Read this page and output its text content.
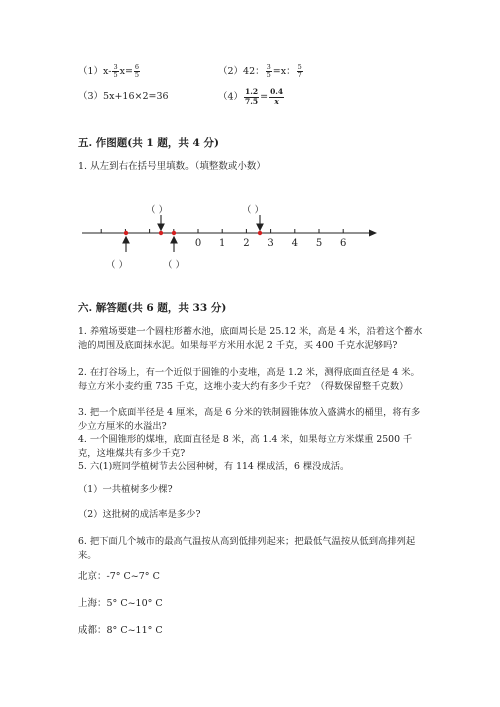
$(1)x- \frac{3}{5} x= \frac{6}{5}$	（2）42： $\frac{3}{5} =x$： $\frac{5}{7}$
（3）5x+16×2=36	$(4) \frac{1.2}{7.5} = \frac{0.4}{x}$
五. 作图题(共 1 题，共 4 分)
1. 从左到右在括号里填数。（填整数或小数）
（ ）	（ ）
（ ）	（ ）
0 1 2 3 4 5 6
六. 解答题(共 6 题，共 33 分)
1. 养殖场要建一个圆柱形蓄水池，底面周长是 25.12 米，高是 4 米，沿着这个蓄水池的周围及底面抹水泥。如果每平方米用水泥 2 千克，买 400 千克水泥够吗?
2. 在打谷场上，有一个近似于圆锥的小麦堆，高是 1.2 米，测得底面直径是 4 米。每立方米小麦约重 735 千克，这堆小麦大约有多少千克？（得数保留整千克数）
3. 把一个底面半径是 4 厘米，高是 6 分米的铁制圆锥体放入盛满水的桶里，将有多少立方厘米的水溢出?
4. 一个圆锥形的煤堆，底面直径是 8 米，高 1.4 米，如果每立方米煤重 2500 千克，这堆煤共有多少千克?
5. 六(1)班同学植树节去公园种树，有 114 棵成活，6 棵没成活。
（1）一共植树多少棵?
（2）这批树的成活率是多少?
6. 把下面几个城市的最高气温按从高到低排列起来；把最低气温按从低到高排列起来。
北京：-7° C~7° C
上海：5° C~10° C
成都：8° C~11° C
